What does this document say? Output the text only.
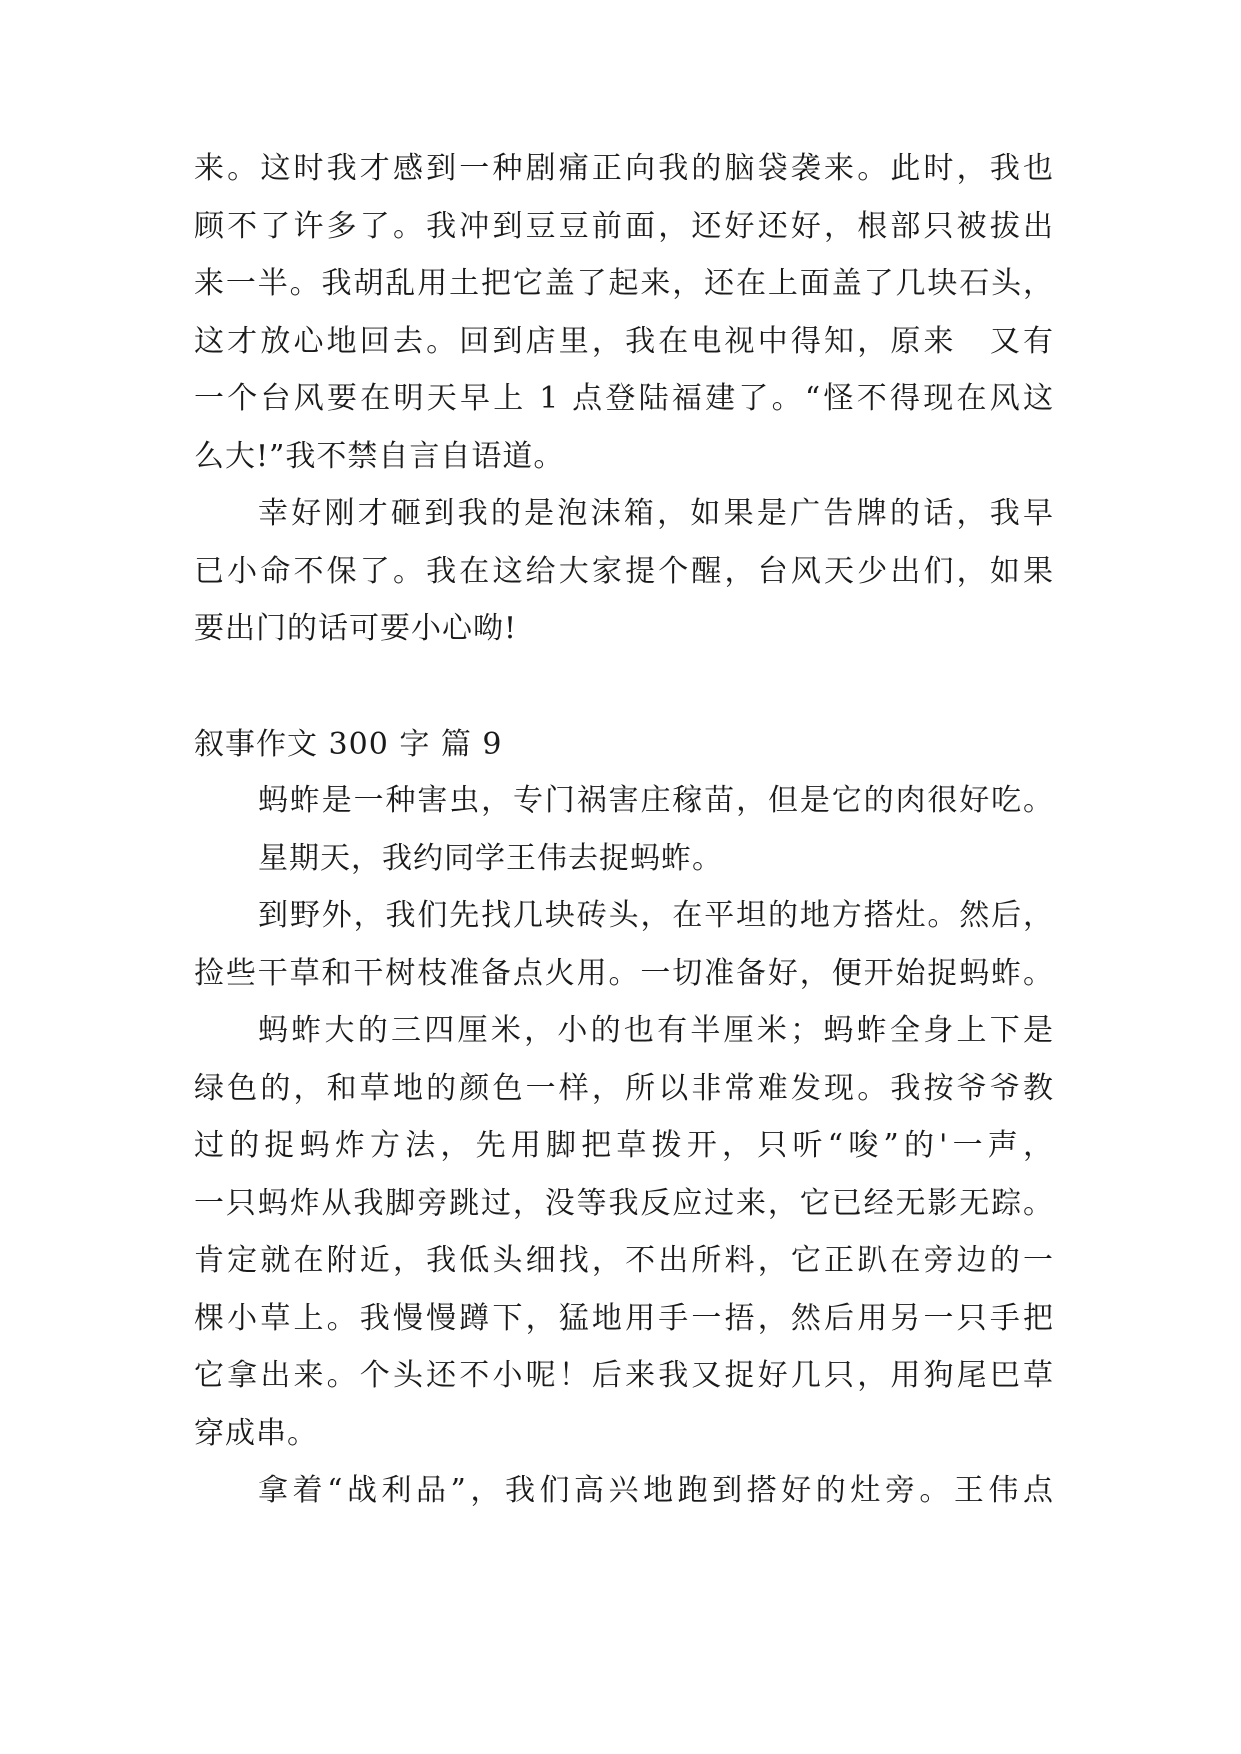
来。这时我才感到一种剧痛正向我的脑袋袭来。此时，我也
顾不了许多了。我冲到豆豆前面，还好还好，根部只被拔出
来一半。我胡乱用土把它盖了起来，还在上面盖了几块石头，
这才放心地回去。回到店里，我在电视中得知，原来　又有
一个台风要在明天早上 1 点登陆福建了。“怪不得现在风这
么大!”我不禁自言自语道。
幸好刚才砸到我的是泡沫箱，如果是广告牌的话，我早
已小命不保了。我在这给大家提个醒，台风天少出们，如果
要出门的话可要小心呦!
叙事作文 300 字 篇 9
蚂蚱是一种害虫，专门祸害庄稼苗，但是它的肉很好吃。
星期天，我约同学王伟去捉蚂蚱。
到野外，我们先找几块砖头，在平坦的地方搭灶。然后，
捡些干草和干树枝准备点火用。一切准备好，便开始捉蚂蚱。
蚂蚱大的三四厘米，小的也有半厘米；蚂蚱全身上下是
绿色的，和草地的颜色一样，所以非常难发现。我按爷爷教
过的捉蚂炸方法，先用脚把草拨开，只听“唆”的'一声，
一只蚂炸从我脚旁跳过，没等我反应过来，它已经无影无踪。
肯定就在附近，我低头细找，不出所料，它正趴在旁边的一
棵小草上。我慢慢蹲下，猛地用手一捂，然后用另一只手把
它拿出来。个头还不小呢！后来我又捉好几只，用狗尾巴草
穿成串。
拿着“战利品”，我们高兴地跑到搭好的灶旁。王伟点
